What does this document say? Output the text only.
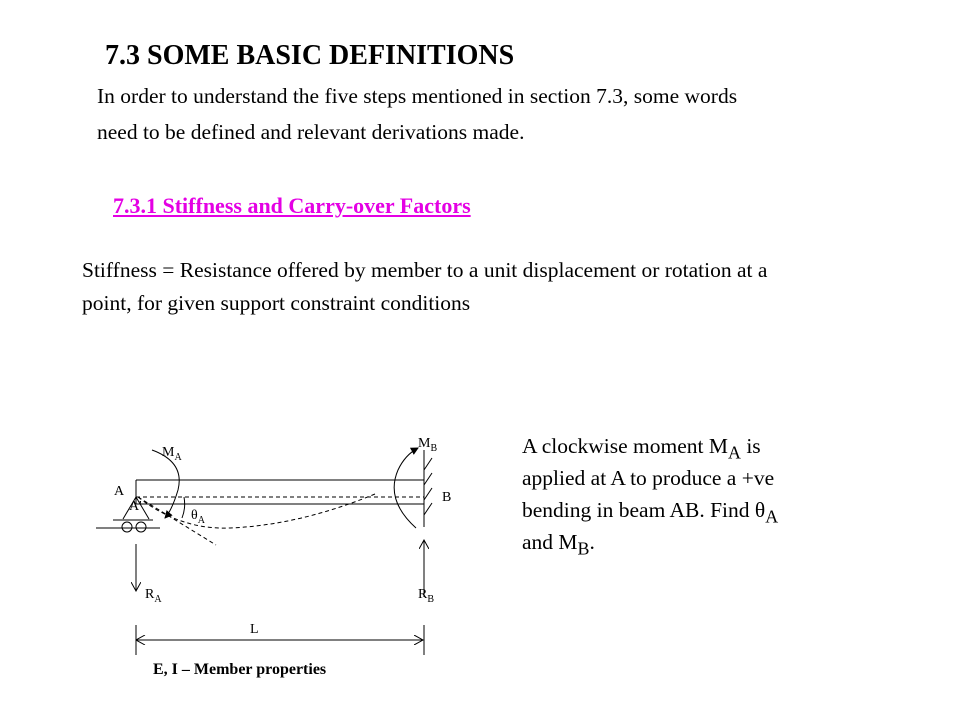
7.3 SOME BASIC DEFINITIONS
In order to understand the five steps mentioned in section 7.3, some words
need to be defined and relevant derivations made.
7.3.1 Stiffness and Carry-over Factors
Stiffness = Resistance offered by member to a unit displacement or rotation at a
point, for given support constraint conditions
A clockwise moment $M_A$ is
applied at A to produce a +ve
bending in beam AB. Find $\theta_A$
and $M_B$.
A
A'
B
$M_A$
$M_B$
$\theta_A$
$R_A$	$R_B$
L
E, I – Member properties
